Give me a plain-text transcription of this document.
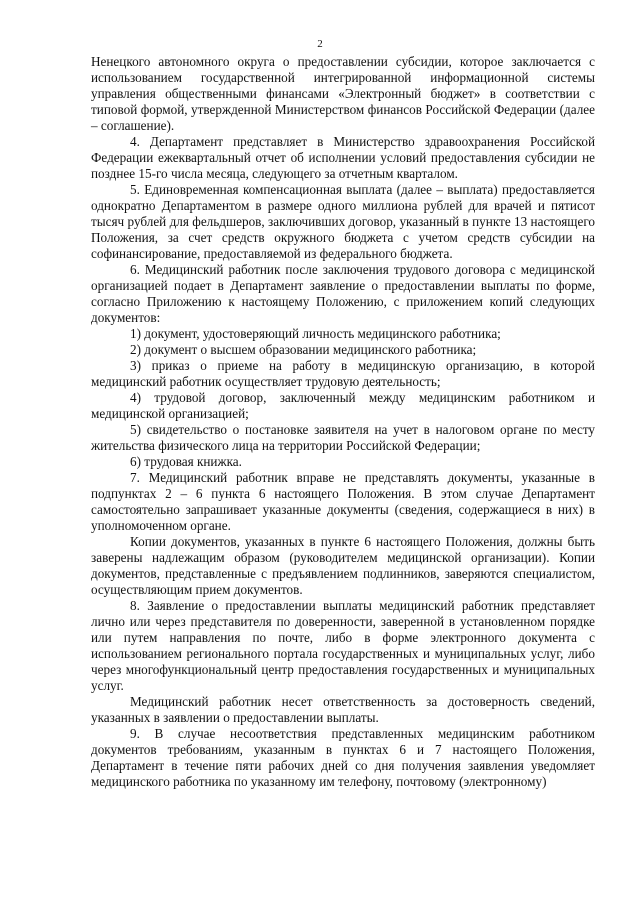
2

Ненецкого автономного округа о предоставлении субсидии, которое заключается с использованием государственной интегрированной информационной системы управления общественными финансами «Электронный бюджет» в соответствии с типовой формой, утвержденной Министерством финансов Российской Федерации (далее – соглашение).

4. Департамент представляет в Министерство здравоохранения Российской Федерации ежеквартальный отчет об исполнении условий предоставления субсидии не позднее 15-го числа месяца, следующего за отчетным кварталом.

5. Единовременная компенсационная выплата (далее – выплата) предоставляется однократно Департаментом в размере одного миллиона рублей для врачей и пятисот тысяч рублей для фельдшеров, заключивших договор, указанный в пункте 13 настоящего Положения, за счет средств окружного бюджета с учетом средств субсидии на софинансирование, предоставляемой из федерального бюджета.

6. Медицинский работник после заключения трудового договора с медицинской организацией подает в Департамент заявление о предоставлении выплаты по форме, согласно Приложению к настоящему Положению, с приложением копий следующих документов:

1) документ, удостоверяющий личность медицинского работника;

2) документ о высшем образовании медицинского работника;

3) приказ о приеме на работу в медицинскую организацию, в которой медицинский работник осуществляет трудовую деятельность;

4) трудовой договор, заключенный между медицинским работником и медицинской организацией;

5) свидетельство о постановке заявителя на учет в налоговом органе по месту жительства физического лица на территории Российской Федерации;

6) трудовая книжка.

7. Медицинский работник вправе не представлять документы, указанные в подпунктах 2 – 6 пункта 6 настоящего Положения. В этом случае Департамент самостоятельно запрашивает указанные документы (сведения, содержащиеся в них) в уполномоченном органе.

Копии документов, указанных в пункте 6 настоящего Положения, должны быть заверены надлежащим образом (руководителем медицинской организации). Копии документов, представленные с предъявлением подлинников, заверяются специалистом, осуществляющим прием документов.

8. Заявление о предоставлении выплаты медицинский работник представляет лично или через представителя по доверенности, заверенной в установленном порядке или путем направления по почте, либо в форме электронного документа с использованием регионального портала государственных и муниципальных услуг, либо через многофункциональный центр предоставления государственных и муниципальных услуг.

Медицинский работник несет ответственность за достоверность сведений, указанных в заявлении о предоставлении выплаты.

9. В случае несоответствия представленных медицинским работником документов требованиям, указанным в пунктах 6 и 7 настоящего Положения, Департамент в течение пяти рабочих дней со дня получения заявления уведомляет медицинского работника по указанному им телефону, почтовому (электронному)
